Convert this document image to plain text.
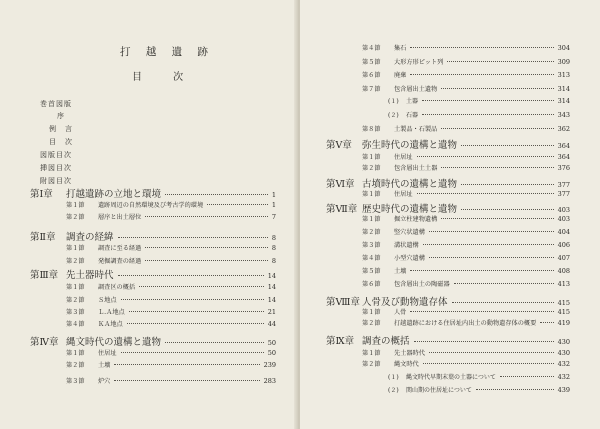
打 越 遺 跡
目 次
巻首図版
序
例　言
目　次
図版目次
挿図目次
附図目次
第Ⅰ章	打越遺跡の立地と環境	1
第１節	遺跡周辺の自然環境及び考古学的環境	1
第２節	層序と出土層位	7
第Ⅱ章	調査の経緯	8
第１節	調査に至る経過	8
第２節	発掘調査の経過	8
第Ⅲ章 先土器時代	14
第１節	調査区の概括	14
第２節	Ｓ地点	14
第３節	Ｌ.Ａ地点	21
第４節	ＫＡ地点	44
第Ⅳ章 縄文時代の遺構と遺物	50
第１節	住居址	50
第２節	土壙	239
第３節	炉穴	283
第４節	集石	304
第５節	大形方形ピット列	309
第６節	廃棄	313
第７節	包含層出土遺物	314
(１)	土器	314
(２)	石器	343
第８節	土製品・石製品	362
第Ⅴ章	弥生時代の遺構と遺物	364
第１節	住居址	364
第２節	包含層出土土器	376
第Ⅵ章 古墳時代の遺構と遺物	377
第１節	住居址	377
第Ⅶ章 歴史時代の遺構と遺物	403
第１節	掘立柱建物遺構	403
第２節	竪穴状遺構	404
第３節	溝状遺構	406
第４節	小型穴遺構	407
第５節	土壙	408
第６節	包含層出土の陶磁器	413
第Ⅷ章 人骨及び動物遺存体	415
第１節	人骨	415
第２節	打越遺跡における住居址内出土の動物遺存体の概要	419
第Ⅸ章 調査の概括	430
第１節	先土器時代	430
第２節	縄文時代	432
(１)	縄文時代早期末葉の土器について	432
(２)	関山期の住居址について	439
